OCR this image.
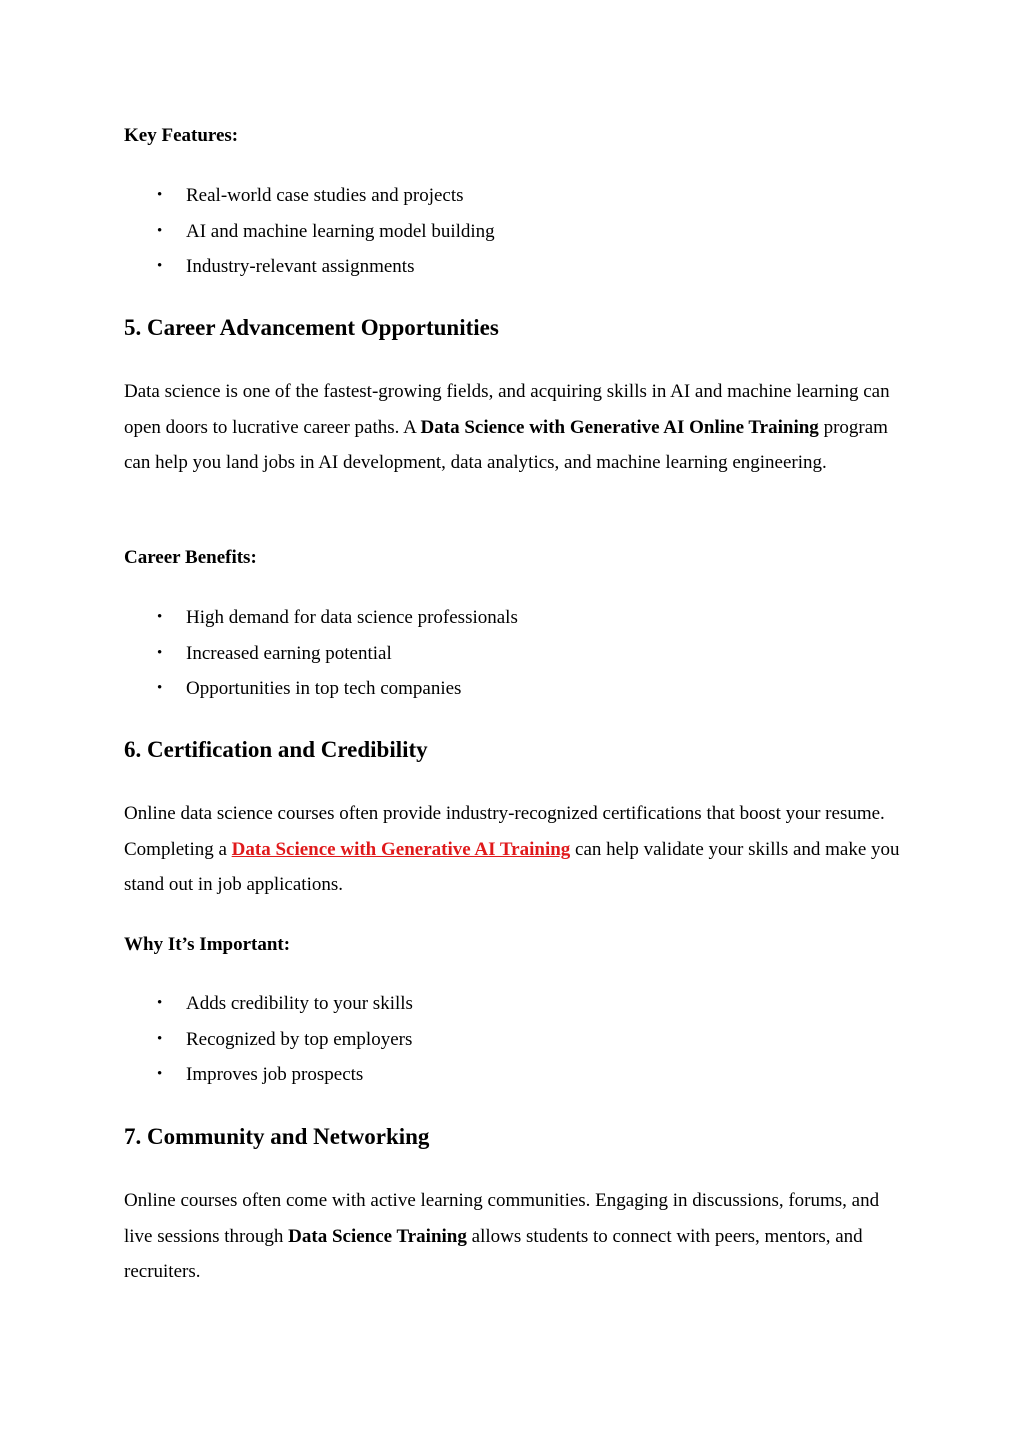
Key Features:

• Real-world case studies and projects
• AI and machine learning model building
• Industry-relevant assignments
5. Career Advancement Opportunities

Data science is one of the fastest-growing fields, and acquiring skills in AI and machine learning can open doors to lucrative career paths. A Data Science with Generative AI Online Training program can help you land jobs in AI development, data analytics, and machine learning engineering.

Career Benefits:

• High demand for data science professionals
• Increased earning potential
• Opportunities in top tech companies
6. Certification and Credibility

Online data science courses often provide industry-recognized certifications that boost your resume. Completing a Data Science with Generative AI Training can help validate your skills and make you stand out in job applications.

Why It’s Important:

• Adds credibility to your skills
• Recognized by top employers
• Improves job prospects
7. Community and Networking

Online courses often come with active learning communities. Engaging in discussions, forums, and live sessions through Data Science Training allows students to connect with peers, mentors, and recruiters.
